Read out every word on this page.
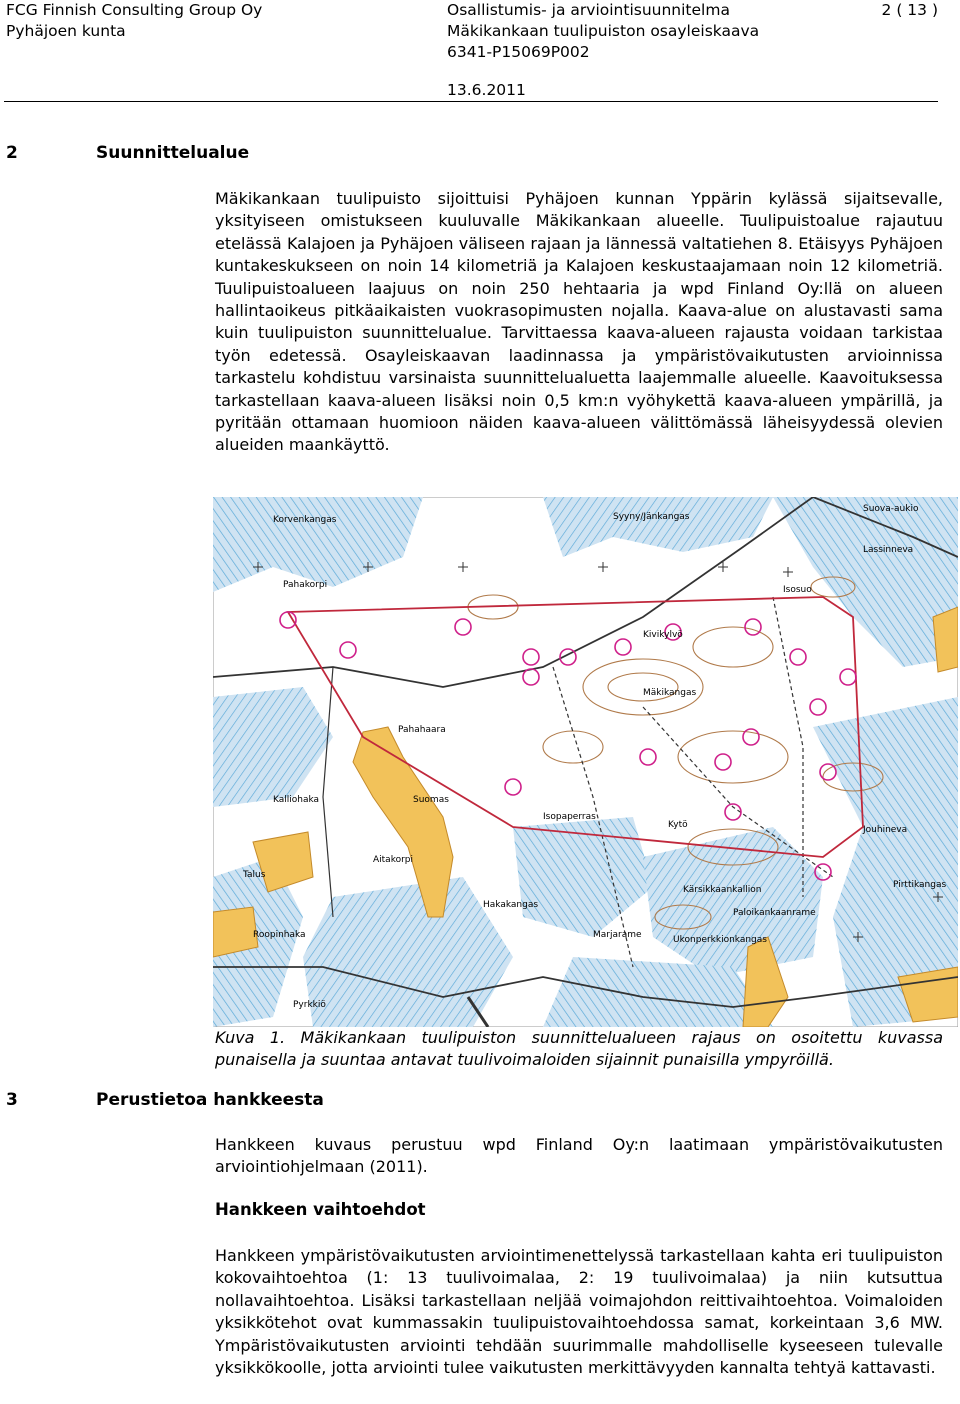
FCG Finnish Consulting Group Oy
Pyhäjoen kunta
Osallistumis- ja arviointisuunnitelma
Mäkikankaan tuulipuiston osayleiskaava
6341-P15069P002
2 ( 13 )
13.6.2011
2	Suunnittelualue

Mäkikankaan tuulipuisto sijoittuisi Pyhäjoen kunnan Yppärin kylässä sijaitsevalle, yksityiseen omistukseen kuuluvalle Mäkikankaan alueelle. Tuulipuistoalue rajautuu etelässä Kalajoen ja Pyhäjoen väliseen rajaan ja lännessä valtatiehen 8. Etäisyys Pyhäjoen kuntakeskukseen on noin 14 kilometriä ja Kalajoen keskustaajamaan noin 12 kilometriä. Tuulipuistoalueen laajuus on noin 250 hehtaaria ja wpd Finland Oy:llä on alueen hallintaoikeus pitkäaikaisten vuokrasopimusten nojalla. Kaava-alue on alustavasti sama kuin tuulipuiston suunnittelualue. Tarvittaessa kaava-alueen rajausta voidaan tarkistaa työn edetessä. Osayleiskaavan laadinnassa ja ympäristövaikutusten arvioinnissa tarkastelu kohdistuu varsinaista suunnittelualuetta laajemmalle alueelle. Kaavoituksessa tarkastellaan kaava-alueen lisäksi noin 0,5 km:n vyöhykettä kaava-alueen ympärillä, ja pyritään ottamaan huomioon näiden kaava-alueen välittömässä läheisyydessä olevien alueiden maankäyttö.

Suova-aukio
Korvenkangas	Syyny/Jänkangas
Lassinneva
Pahakorpi	Isosuo
Kivikylvö
Mäkikangas
Pahahaara
Suomas
Kalliohaka
Isopaperras
Kytö	Jouhineva
Talus
Aitakorpi
Pirttikangas
Kärsikkaankallion
Hakakangas
Paloikankaanrame
Roopinhaka	Marjarame	Ukonperkkionkangas
Pyrkkiö

Kuva 1. Mäkikankaan tuulipuiston suunnittelualueen rajaus on osoitettu kuvassa punaisella ja suuntaa antavat tuulivoimaloiden sijainnit punaisilla ympyröillä.

3	Perustietoa hankkeesta

Hankkeen kuvaus perustuu wpd Finland Oy:n laatimaan ympäristövaikutusten arviointiohjelmaan (2011).

Hankkeen vaihtoehdot

Hankkeen ympäristövaikutusten arviointimenettelyssä tarkastellaan kahta eri tuulipuiston kokovaihtoehtoa (1: 13 tuulivoimalaa, 2: 19 tuulivoimalaa) ja niin kutsuttua nollavaihtoehtoa. Lisäksi tarkastellaan neljää voimajohdon reittivaihtoehtoa. Voimaloiden yksikkötehot ovat kummassakin tuulipuistovaihtoehdossa samat, korkeintaan 3,6 MW. Ympäristövaikutusten arviointi tehdään suurimmalle mahdolliselle kyseeseen tulevalle yksikkökoolle, jotta arviointi tulee vaikutusten merkittävyyden kannalta tehtyä kattavasti.
